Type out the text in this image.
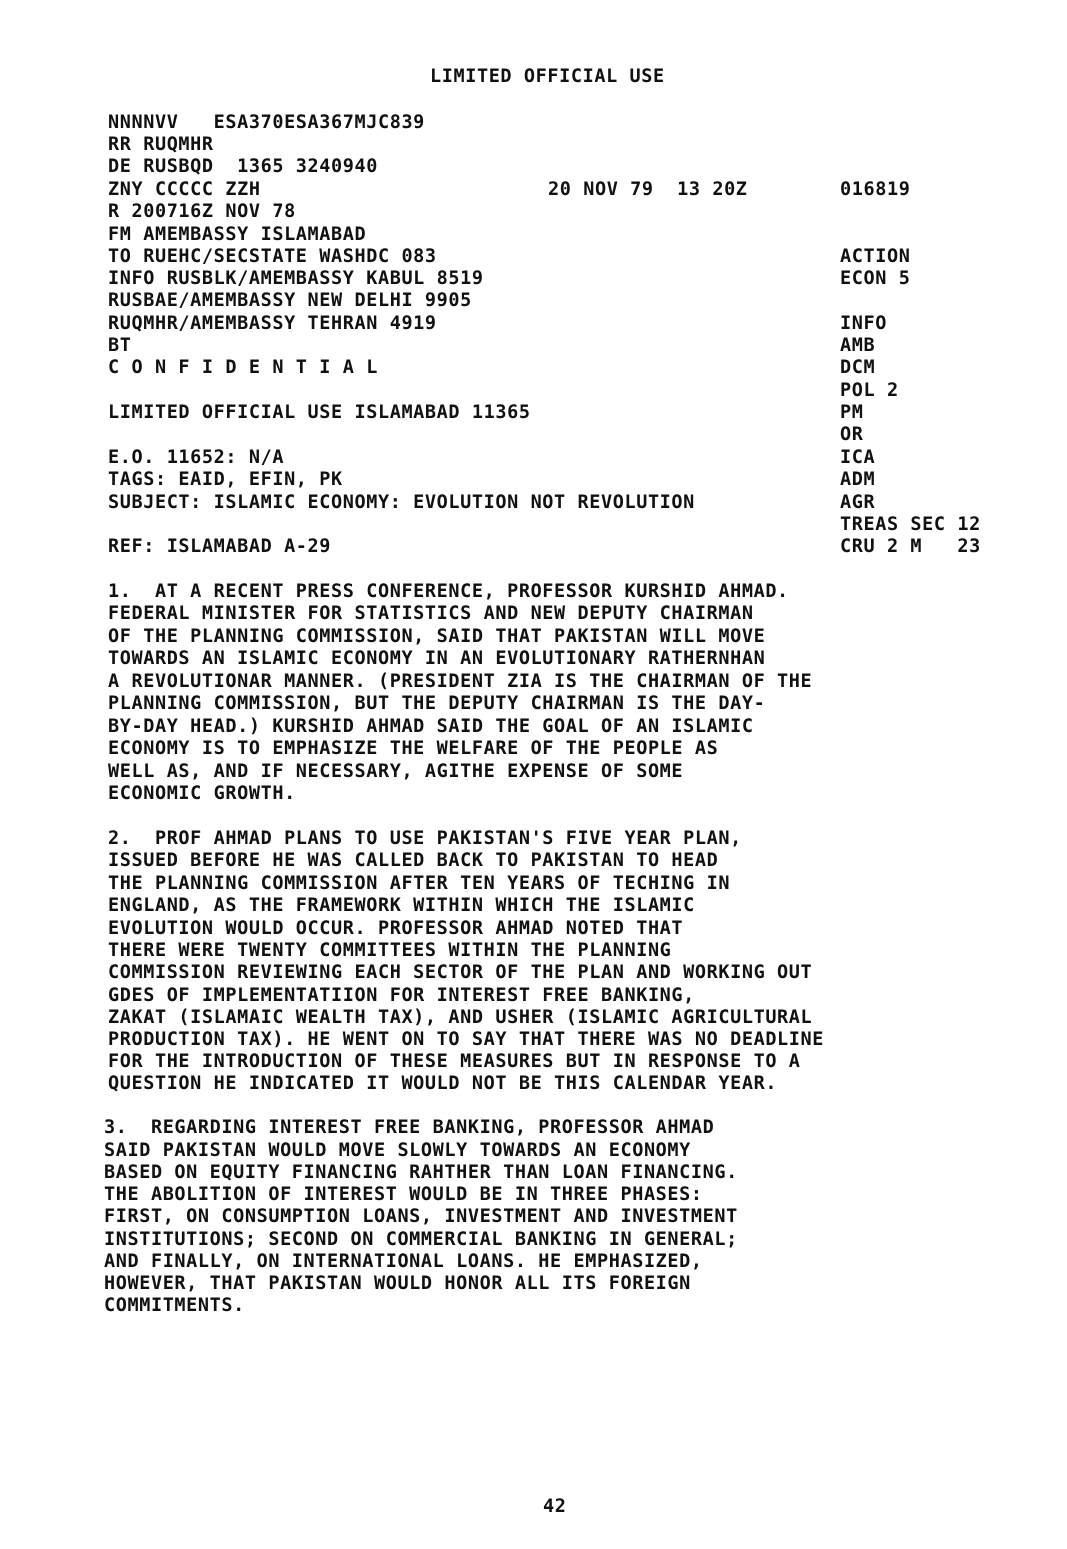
LIMITED OFFICIAL USE
NNNNVV   ESA370ESA367MJC839
RR RUQMHR
DE RUSBQD  1365 3240940
ZNY CCCCC ZZH	20 NOV 79  13 20Z	016819
R 200716Z NOV 78
FM AMEMBASSY ISLAMABAD
TO RUEHC/SECSTATE WASHDC 083
INFO RUSBLK/AMEMBASSY KABUL 8519
RUSBAE/AMEMBASSY NEW DELHI 9905
RUQMHR/AMEMBASSY TEHRAN 4919
BT
C O N F I D E N T I A L
LIMITED OFFICIAL USE ISLAMABAD 11365
E.O. 11652: N/A
TAGS: EAID, EFIN, PK
SUBJECT: ISLAMIC ECONOMY: EVOLUTION NOT REVOLUTION
REF: ISLAMABAD A-29
ACTION
ECON 5
INFO
AMB
DCM
POL 2
PM
OR
ICA
ADM
AGR
TREAS SEC 12
CRU 2 M   23
1.  AT A RECENT PRESS CONFERENCE, PROFESSOR KURSHID AHMAD.
FEDERAL MINISTER FOR STATISTICS AND NEW DEPUTY CHAIRMAN
OF THE PLANNING COMMISSION, SAID THAT PAKISTAN WILL MOVE
TOWARDS AN ISLAMIC ECONOMY IN AN EVOLUTIONARY RATHERNHAN
A REVOLUTIONAR MANNER. (PRESIDENT ZIA IS THE CHAIRMAN OF THE
PLANNING COMMISSION, BUT THE DEPUTY CHAIRMAN IS THE DAY-
BY-DAY HEAD.) KURSHID AHMAD SAID THE GOAL OF AN ISLAMIC
ECONOMY IS TO EMPHASIZE THE WELFARE OF THE PEOPLE AS
WELL AS, AND IF NECESSARY, AGITHE EXPENSE OF SOME
ECONOMIC GROWTH.
2.  PROF AHMAD PLANS TO USE PAKISTAN'S FIVE YEAR PLAN,
ISSUED BEFORE HE WAS CALLED BACK TO PAKISTAN TO HEAD
THE PLANNING COMMISSION AFTER TEN YEARS OF TECHING IN
ENGLAND, AS THE FRAMEWORK WITHIN WHICH THE ISLAMIC
EVOLUTION WOULD OCCUR. PROFESSOR AHMAD NOTED THAT
THERE WERE TWENTY COMMITTEES WITHIN THE PLANNING
COMMISSION REVIEWING EACH SECTOR OF THE PLAN AND WORKING OUT
GDES OF IMPLEMENTATIION FOR INTEREST FREE BANKING,
ZAKAT (ISLAMAIC WEALTH TAX), AND USHER (ISLAMIC AGRICULTURAL
PRODUCTION TAX). HE WENT ON TO SAY THAT THERE WAS NO DEADLINE
FOR THE INTRODUCTION OF THESE MEASURES BUT IN RESPONSE TO A
QUESTION HE INDICATED IT WOULD NOT BE THIS CALENDAR YEAR.
3.  REGARDING INTEREST FREE BANKING, PROFESSOR AHMAD
SAID PAKISTAN WOULD MOVE SLOWLY TOWARDS AN ECONOMY
BASED ON EQUITY FINANCING RAHTHER THAN LOAN FINANCING.
THE ABOLITION OF INTEREST WOULD BE IN THREE PHASES:
FIRST, ON CONSUMPTION LOANS, INVESTMENT AND INVESTMENT
INSTITUTIONS; SECOND ON COMMERCIAL BANKING IN GENERAL;
AND FINALLY, ON INTERNATIONAL LOANS. HE EMPHASIZED,
HOWEVER, THAT PAKISTAN WOULD HONOR ALL ITS FOREIGN
COMMITMENTS.
42
